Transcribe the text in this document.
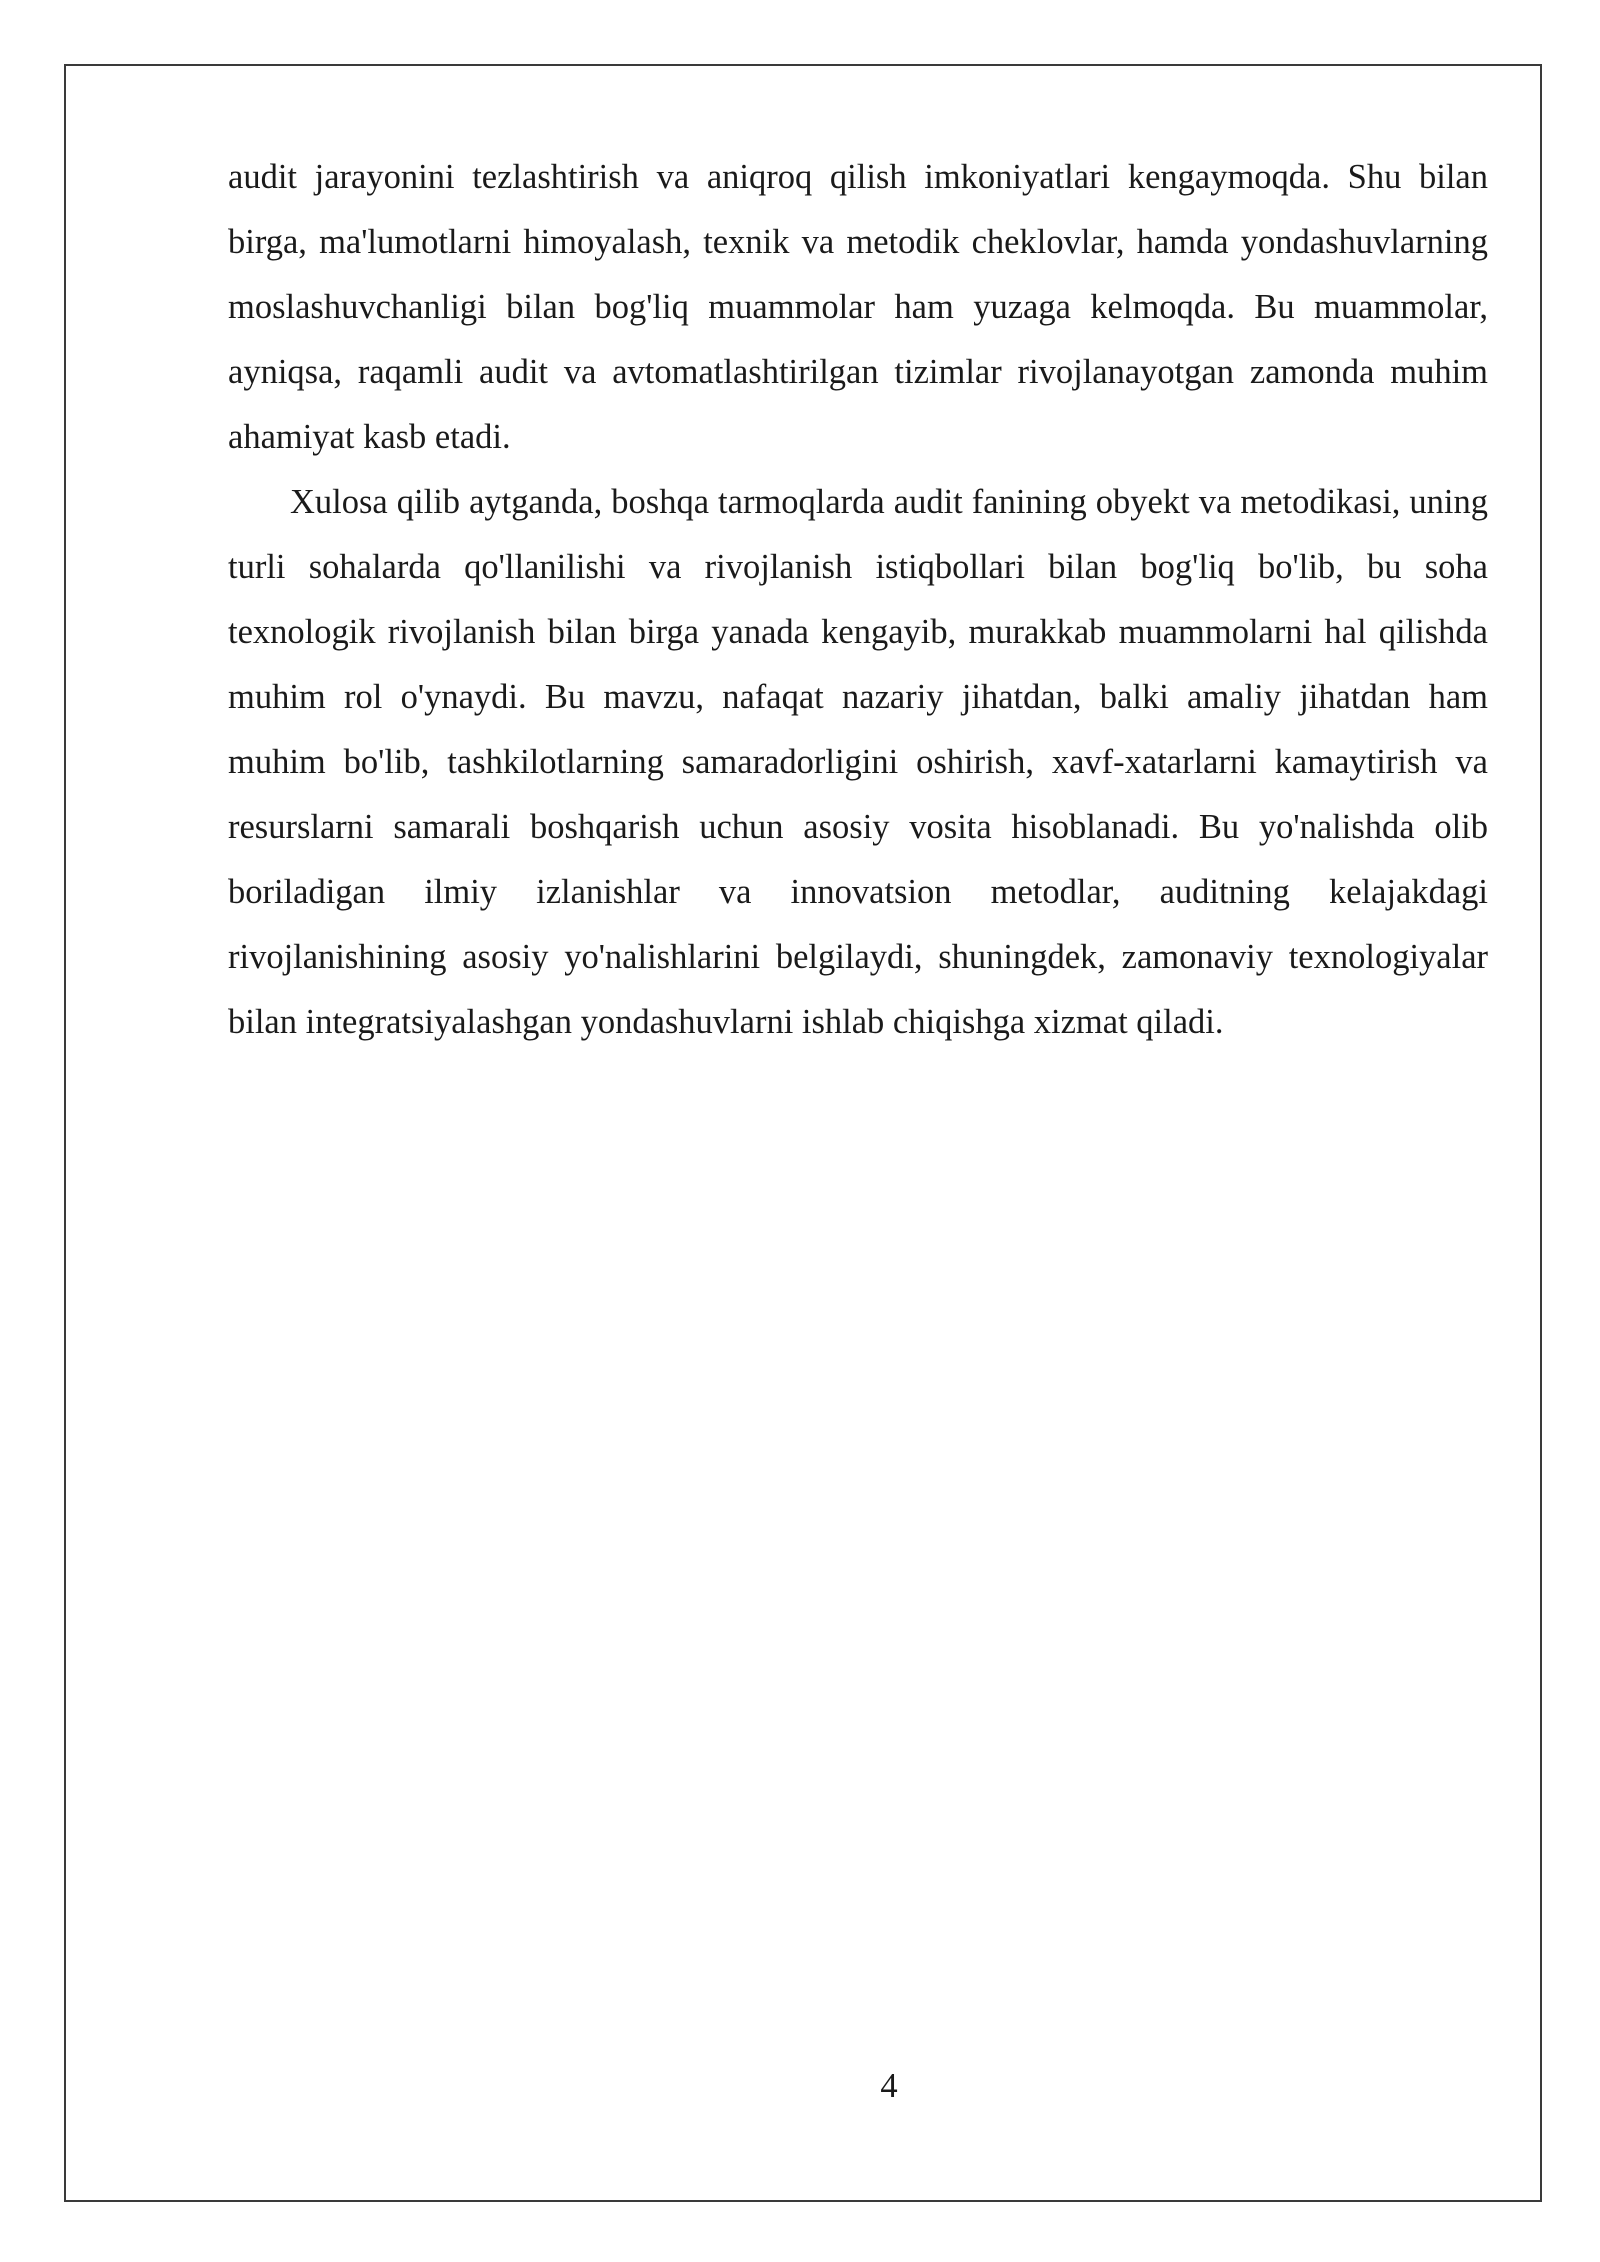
audit jarayonini tezlashtirish va aniqroq qilish imkoniyatlari kengaymoqda. Shu bilan birga, ma'lumotlarni himoyalash, texnik va metodik cheklovlar, hamda yondashuvlarning moslashuvchanligi bilan bog'liq muammolar ham yuzaga kelmoqda. Bu muammolar, ayniqsa, raqamli audit va avtomatlashtirilgan tizimlar rivojlanayotgan zamonda muhim ahamiyat kasb etadi.

Xulosa qilib aytganda, boshqa tarmoqlarda audit fanining obyekt va metodikasi, uning turli sohalarda qo'llanilishi va rivojlanish istiqbollari bilan bog'liq bo'lib, bu soha texnologik rivojlanish bilan birga yanada kengayib, murakkab muammolarni hal qilishda muhim rol o'ynaydi. Bu mavzu, nafaqat nazariy jihatdan, balki amaliy jihatdan ham muhim bo'lib, tashkilotlarning samaradorligini oshirish, xavf-xatarlarni kamaytirish va resurslarni samarali boshqarish uchun asosiy vosita hisoblanadi. Bu yo'nalishda olib boriladigan ilmiy izlanishlar va innovatsion metodlar, auditning kelajakdagi rivojlanishining asosiy yo'nalishlarini belgilaydi, shuningdek, zamonaviy texnologiyalar bilan integratsiyalashgan yondashuvlarni ishlab chiqishga xizmat qiladi.

4
